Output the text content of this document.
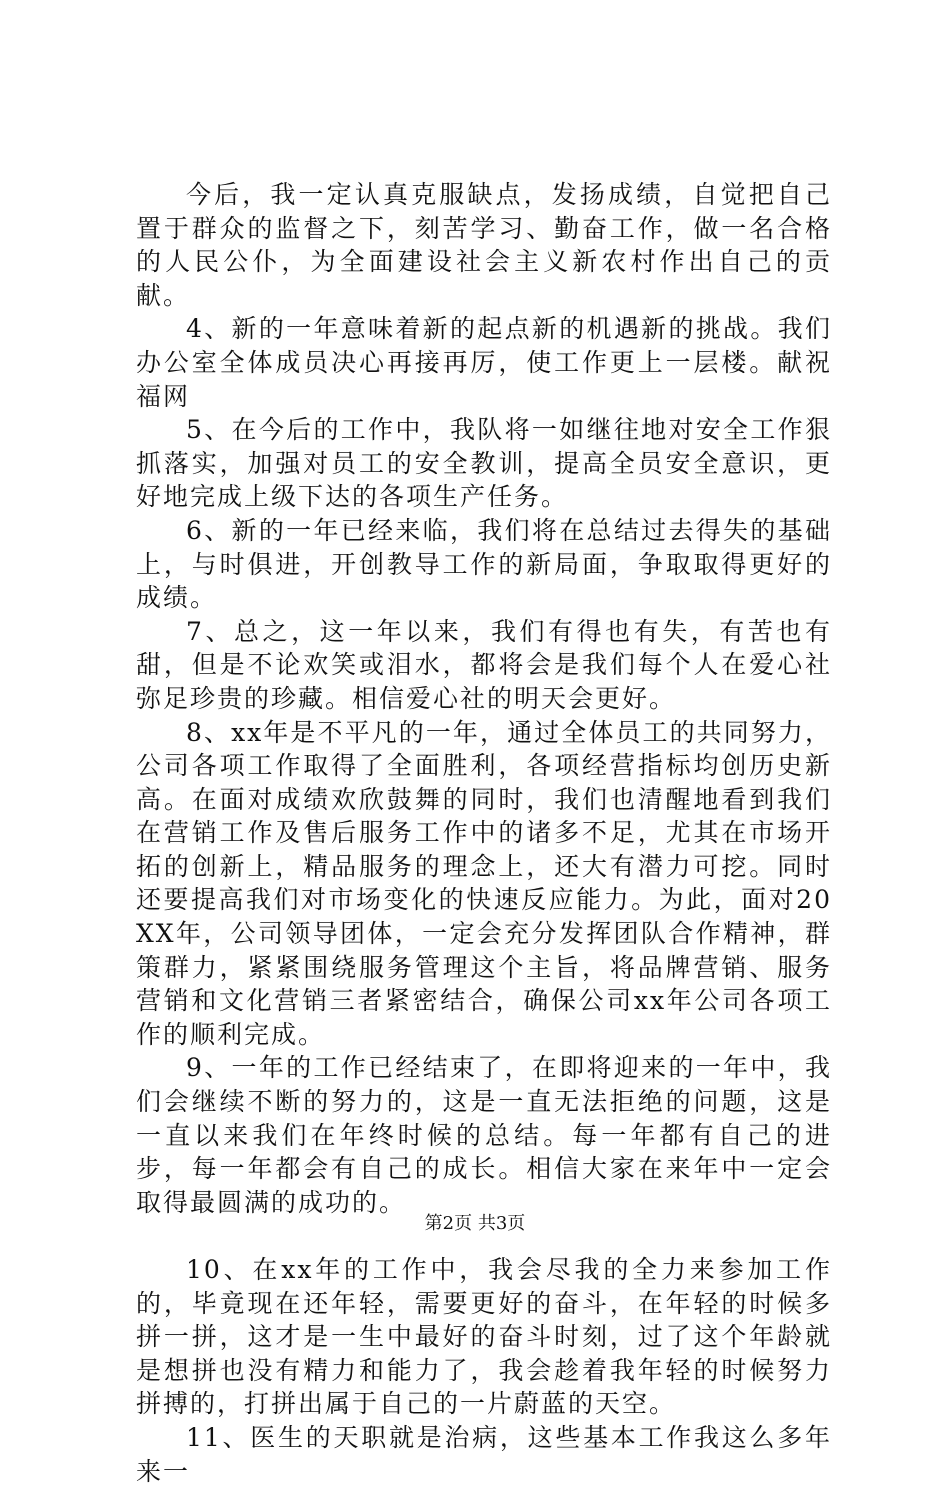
今后，我一定认真克服缺点，发扬成绩，自觉把自己置于群众的监督之下，刻苦学习、勤奋工作，做一名合格的人民公仆，为全面建设社会主义新农村作出自己的贡献。

4、新的一年意味着新的起点新的机遇新的挑战。我们办公室全体成员决心再接再厉，使工作更上一层楼。献祝福网

5、在今后的工作中，我队将一如继往地对安全工作狠抓落实，加强对员工的安全教训，提高全员安全意识，更好地完成上级下达的各项生产任务。

6、新的一年已经来临，我们将在总结过去得失的基础上，与时俱进，开创教导工作的新局面，争取取得更好的成绩。

7、总之，这一年以来，我们有得也有失，有苦也有甜，但是不论欢笑或泪水，都将会是我们每个人在爱心社弥足珍贵的珍藏。相信爱心社的明天会更好。

8、xx年是不平凡的一年，通过全体员工的共同努力，公司各项工作取得了全面胜利，各项经营指标均创历史新高。在面对成绩欢欣鼓舞的同时，我们也清醒地看到我们在营销工作及售后服务工作中的诸多不足，尤其在市场开拓的创新上，精品服务的理念上，还大有潜力可挖。同时还要提高我们对市场变化的快速反应能力。为此，面对20XX年，公司领导团体，一定会充分发挥团队合作精神，群策群力，紧紧围绕服务管理这个主旨，将品牌营销、服务营销和文化营销三者紧密结合，确保公司xx年公司各项工作的顺利完成。

9、一年的工作已经结束了，在即将迎来的一年中，我们会继续不断的努力的，这是一直无法拒绝的问题，这是一直以来我们在年终时候的总结。每一年都有自己的进步，每一年都会有自己的成长。相信大家在来年中一定会取得最圆满的成功的。

10、在xx年的工作中，我会尽我的全力来参加工作的，毕竟现在还年轻，需要更好的奋斗，在年轻的时候多拼一拼，这才是一生中最好的奋斗时刻，过了这个年龄就是想拼也没有精力和能力了，我会趁着我年轻的时候努力拼搏的，打拼出属于自己的一片蔚蓝的天空。

11、医生的天职就是治病，这些基本工作我这么多年来一

第2页 共3页
